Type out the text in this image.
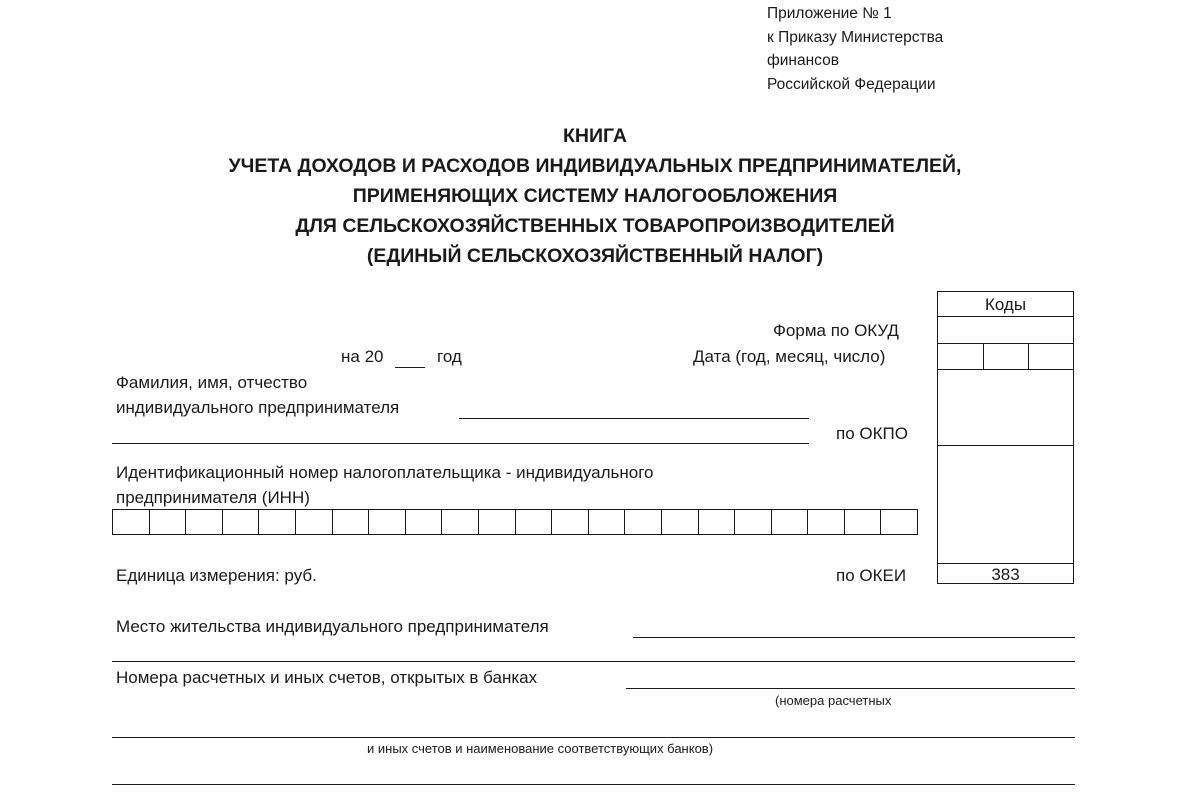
Приложение № 1
к Приказу Министерства
финансов
Российской Федерации
КНИГА
УЧЕТА ДОХОДОВ И РАСХОДОВ ИНДИВИДУАЛЬНЫХ ПРЕДПРИНИМАТЕЛЕЙ,
ПРИМЕНЯЮЩИХ СИСТЕМУ НАЛОГООБЛОЖЕНИЯ
ДЛЯ СЕЛЬСКОХОЗЯЙСТВЕННЫХ ТОВАРОПРОИЗВОДИТЕЛЕЙ
(ЕДИНЫЙ СЕЛЬСКОХОЗЯЙСТВЕННЫЙ НАЛОГ)
Коды
383
Форма по ОКУД
Дата (год, месяц, число)
по ОКПО
по ОКЕИ
на 20	год
Фамилия, имя, отчество
индивидуального предпринимателя
Идентификационный номер налогоплательщика - индивидуального
предпринимателя (ИНН)
Единица измерения: руб.
Место жительства индивидуального предпринимателя
Номера расчетных и иных счетов, открытых в банках
(номера расчетных
и иных счетов и наименование соответствующих банков)
